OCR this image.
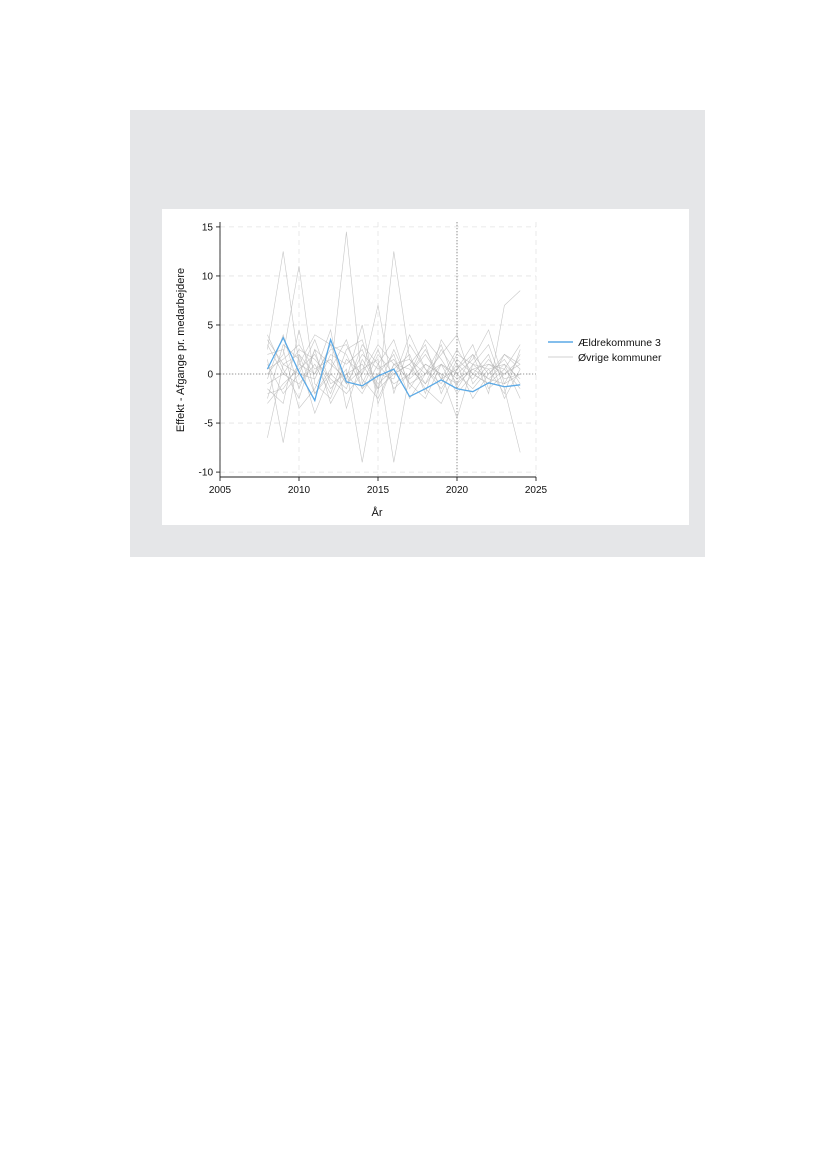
-10
-5
0
5
10
15
2005	2010	2015	2020	2025
År
Effekt - Afgange pr. medarbejdere	Ældrekommune 3
Øvrige kommuner
